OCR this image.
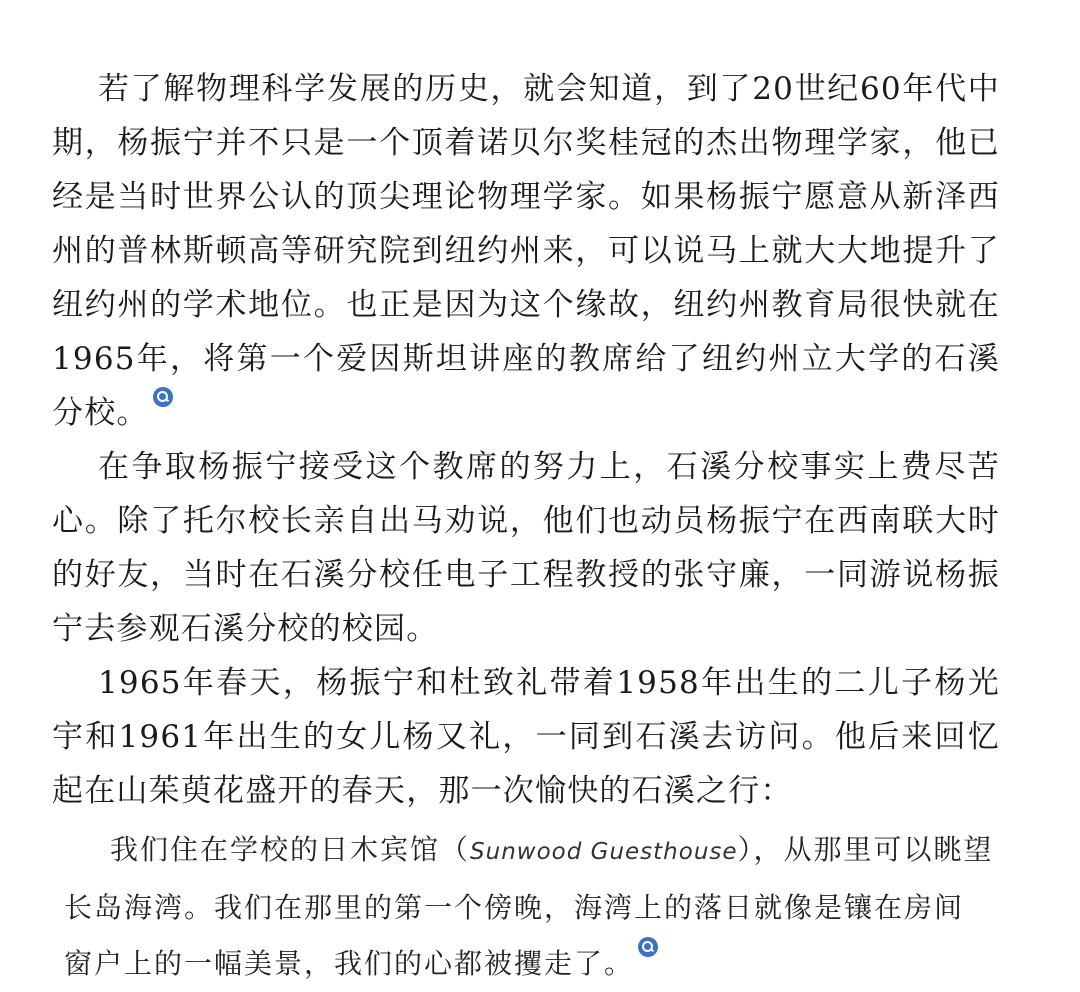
若了解物理科学发展的历史，就会知道，到了20世纪60年代中期，杨振宁并不只是一个顶着诺贝尔奖桂冠的杰出物理学家，他已经是当时世界公认的顶尖理论物理学家。如果杨振宁愿意从新泽西州的普林斯顿高等研究院到纽约州来，可以说马上就大大地提升了纽约州的学术地位。也正是因为这个缘故，纽约州教育局很快就在1965年，将第一个爱因斯坦讲座的教席给了纽约州立大学的石溪分校。

在争取杨振宁接受这个教席的努力上，石溪分校事实上费尽苦心。除了托尔校长亲自出马劝说，他们也动员杨振宁在西南联大时的好友，当时在石溪分校任电子工程教授的张守廉，一同游说杨振宁去参观石溪分校的校园。

1965年春天，杨振宁和杜致礼带着1958年出生的二儿子杨光宇和1961年出生的女儿杨又礼，一同到石溪去访问。他后来回忆起在山茱萸花盛开的春天，那一次愉快的石溪之行：

我们住在学校的日木宾馆（Sunwood Guesthouse），从那里可以眺望长岛海湾。我们在那里的第一个傍晚，海湾上的落日就像是镶在房间窗户上的一幅美景，我们的心都被攫走了。
